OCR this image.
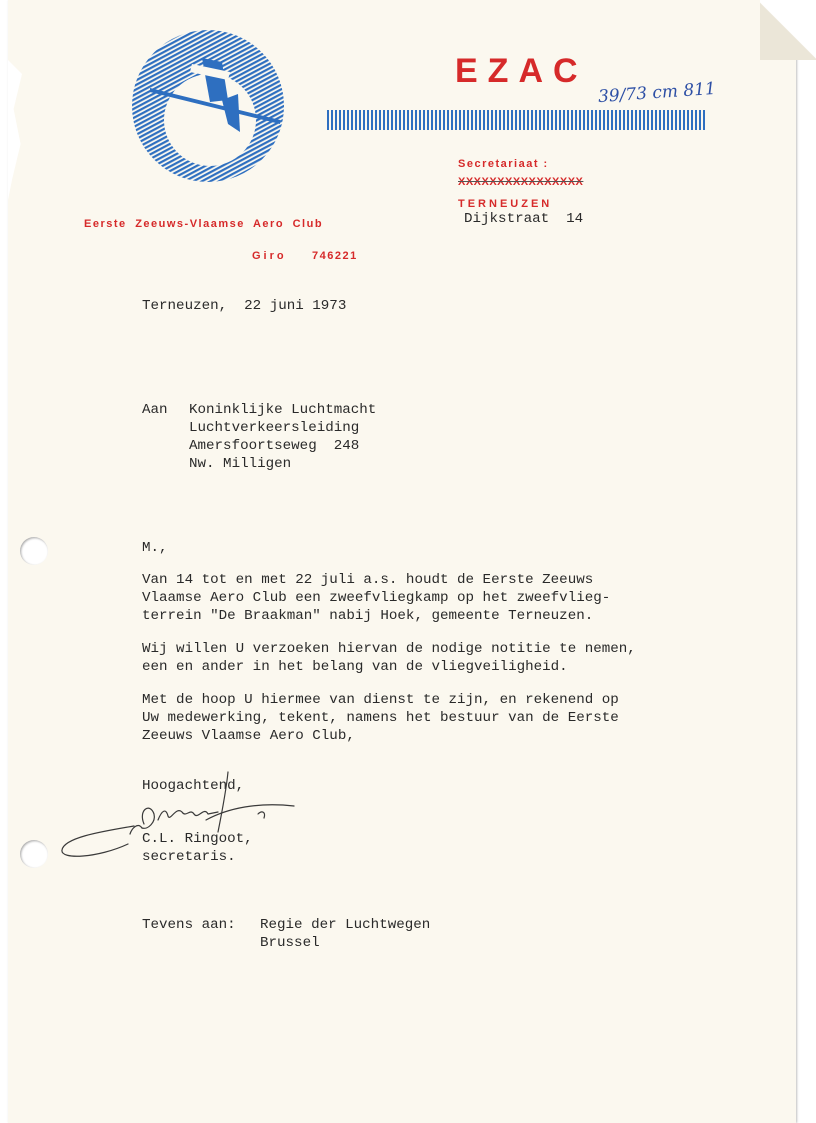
EZAC
39/73 cm 811
Eerste Zeeuws-Vlaamse Aero Club
Giro 746221
Secretariaat :
XXXXXXXXXXXXXXXX
TERNEUZEN
Dijkstraat  14
Terneuzen,  22 juni 1973
Aan Koninklijke Luchtmacht
Luchtverkeersleiding
Amersfoortseweg  248
Nw. Milligen
M.,
Van 14 tot en met 22 juli a.s. houdt de Eerste Zeeuws
Vlaamse Aero Club een zweefvliegkamp op het zweefvlieg-
terrein "De Braakman" nabij Hoek, gemeente Terneuzen.
Wij willen U verzoeken hiervan de nodige notitie te nemen,
een en ander in het belang van de vliegveiligheid.
Met de hoop U hiermee van dienst te zijn, en rekenend op
Uw medewerking, tekent, namens het bestuur van de Eerste
Zeeuws Vlaamse Aero Club,
Hoogachtend,
C.L. Ringoot,
secretaris.
Tevens aan: Regie der Luchtwegen
Brussel
